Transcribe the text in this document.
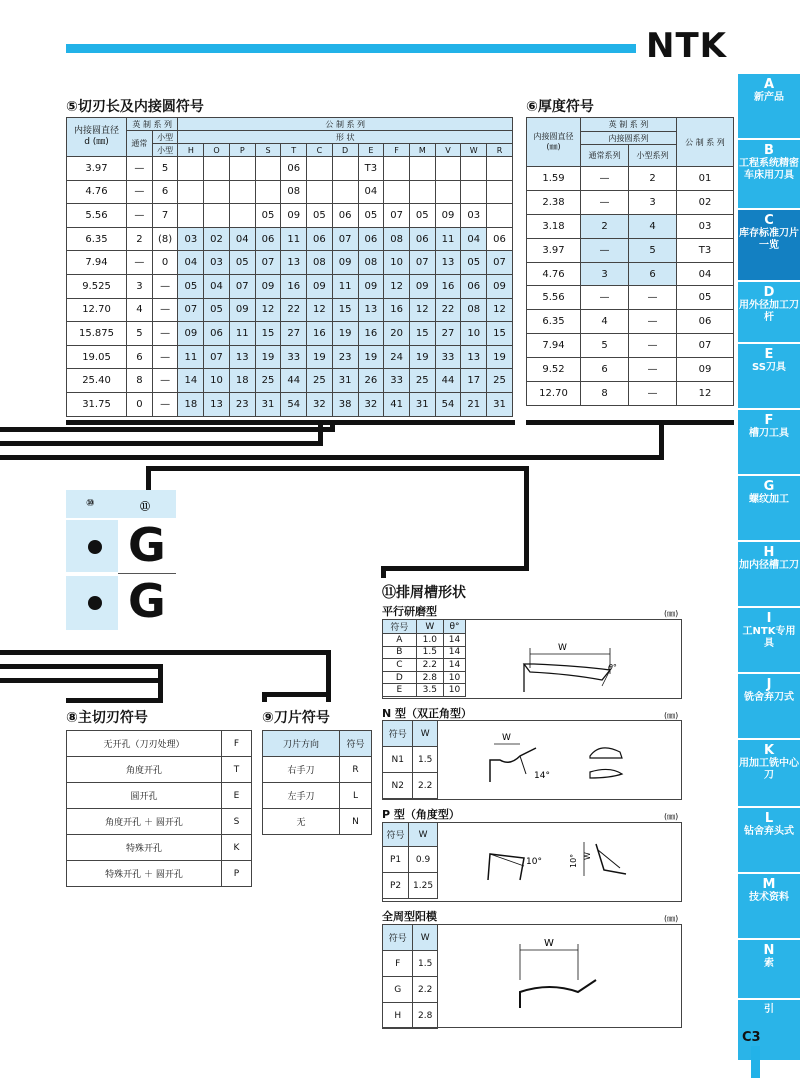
NTK
A
新产品
B
工程系统精密车床用刀具
C
库存标准刀片一览
D
用外径加工刀杆
E
SS刀具
F
槽刀工具
G
螺纹加工
H
加内径槽工刀
I
工NTK专用具
J
铣舍弃刀式
K
用加工铣中心刀
L
钻舍弃头式
M
技术资料
N
索
引
⑤切刃长及内接圆符号
内接圆直径
d (㎜)	英 制 系 列		公 制 系 列												
	通常	小型	形 状												
		小型	H	O	P	S	T	C	D	E	F	M	V	W	R
3.97	—	5					06			T3					
4.76	—	6					08			04					
5.56	—	7				05	09	05	06	05	07	05	09	03	
6.35	2	(8)	03	02	04	06	11	06	07	06	08	06	11	04	06
7.94	—	0	04	03	05	07	13	08	09	08	10	07	13	05	07
9.525	3	—	05	04	07	09	16	09	11	09	12	09	16	06	09
12.70	4	—	07	05	09	12	22	12	15	13	16	12	22	08	12
15.875	5	—	09	06	11	15	27	16	19	16	20	15	27	10	15
19.05	6	—	11	07	13	19	33	19	23	19	24	19	33	13	19
25.40	8	—	14	10	18	25	44	25	31	26	33	25	44	17	25
31.75	0	—	18	13	23	31	54	32	38	32	41	31	54	21	31
⑥厚度符号
内接圆直径
(㎜)	英 制 系 列		公 制 系 列
	内接圆系列		
	通常系列	小型系列	
1.59	—	2	01
2.38	—	3	02
3.18	2	4	03
3.97	—	5	T3
4.76	3	6	04
5.56	—	—	05
6.35	4	—	06
7.94	5	—	07
9.52	6	—	09
12.70	8	—	12
⑩	⑪
G
G
⑧主切刃符号
无开孔（刀刃处理）	F
角度开孔	T
圆开孔	E
角度开孔 ＋ 圆开孔	S
特殊开孔	K
特殊开孔 ＋ 圆开孔	P
⑨刀片符号
刀片方向	符号
右手刀	R
左手刀	L
无	N
⑪排屑槽形状
平行研磨型	(㎜)
符号	W	θ°
A	1.0	14
B	1.5	14
C	2.2	14
D	2.8	10
E	3.5	10
W
θ°
N 型（双正角型）	(㎜)
符号	W
N1	1.5
N2	2.2
W
14°
P 型（角度型）	(㎜)
符号	W
P1	0.9
P2	1.25
10°	10° W
全周型阳模	(㎜)
符号	W
F	1.5
G	2.2
H	2.8
W
C3
